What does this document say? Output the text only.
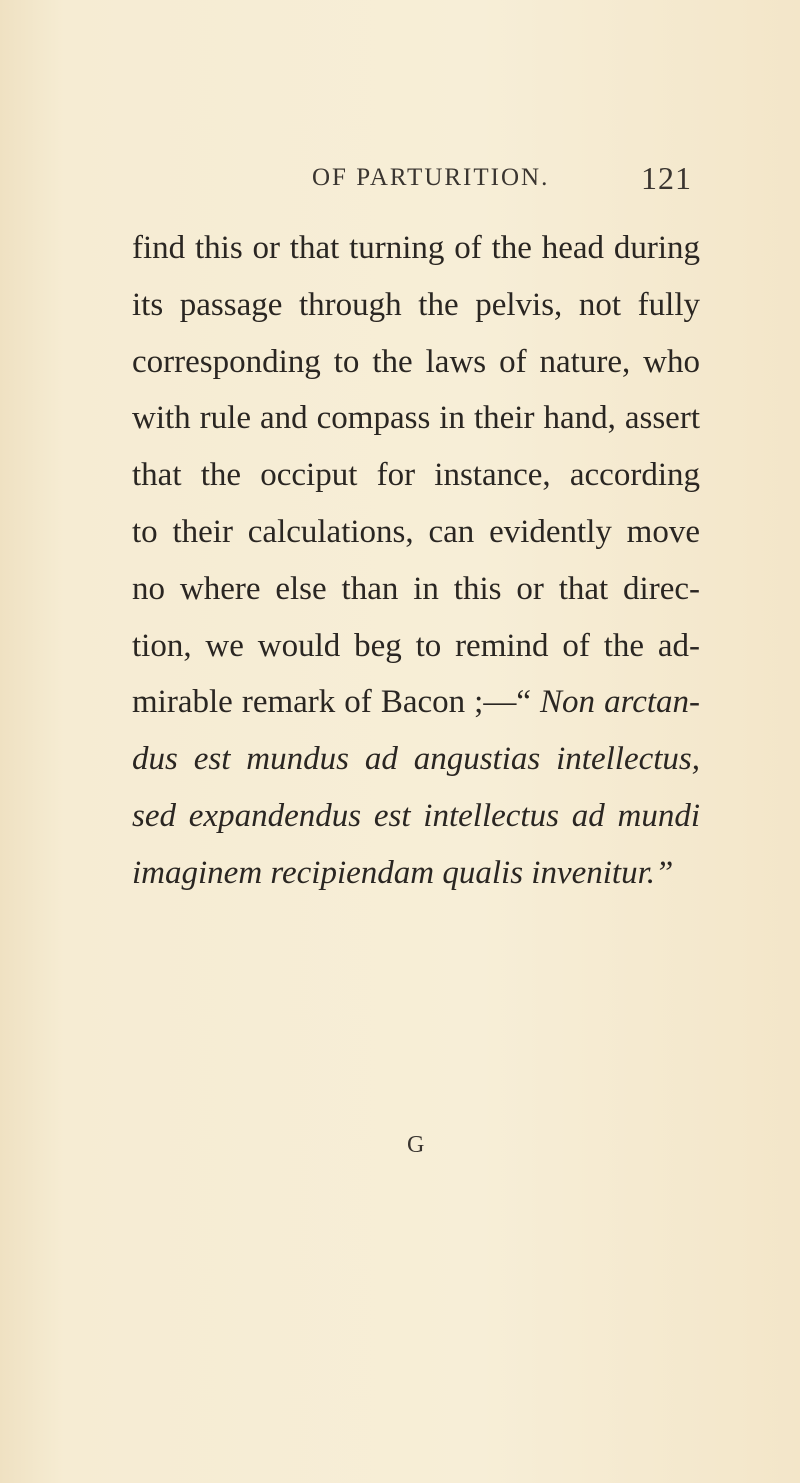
OF PARTURITION.	121
find this or that turning of the head during
its passage through the pelvis, not fully
corresponding to the laws of nature, who
with rule and compass in their hand, assert
that the occiput for instance, according
to their calculations, can evidently move
no where else than in this or that direc-
tion, we would beg to remind of the ad-
mirable remark of Bacon ;—“ Non arctan-
dus est mundus ad angustias intellectus,
sed expandendus est intellectus ad mundi
imaginem recipiendam qualis invenitur.”
G
